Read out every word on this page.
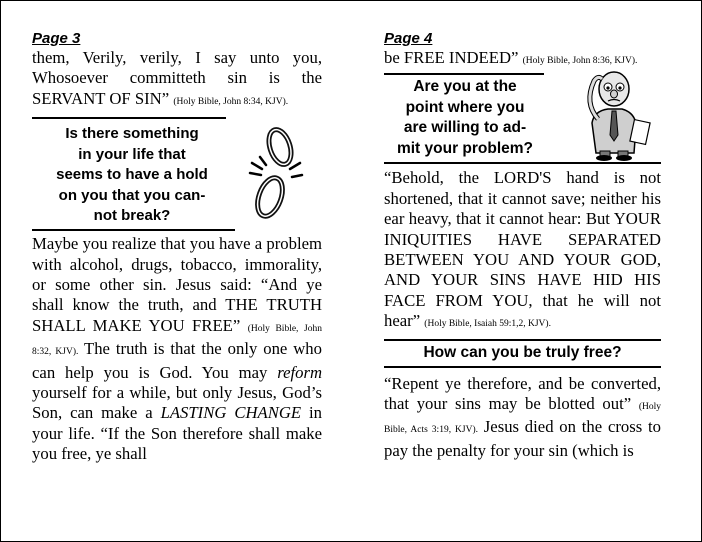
Page 3

them, Verily, verily, I say unto you, Whosoever committeth sin is the SERVANT OF SIN” (Holy Bible, John 8:34, KJV).

Is there something
in your life that
seems to have a hold
on you that you can-
not break?

Maybe you realize that you have a problem with alcohol, drugs, tobacco, immorality, or some other sin. Jesus said: “And ye shall know the truth, and THE TRUTH SHALL MAKE YOU FREE” (Holy Bible, John 8:32, KJV). The truth is that the only one who can help you is God. You may reform yourself for a while, but only Jesus, God’s Son, can make a LASTING CHANGE in your life. “If the Son therefore shall make you free, ye shall

Page 4

be FREE INDEED” (Holy Bible, John 8:36, KJV).

Are you at the
point where you
are willing to ad-
mit your problem?

“Behold, the LORD'S hand is not shortened, that it cannot save; neither his ear heavy, that it cannot hear: But YOUR INIQUITIES HAVE SEPARATED BETWEEN YOU AND YOUR GOD, AND YOUR SINS HAVE HID HIS FACE FROM YOU, that he will not hear” (Holy Bible, Isaiah 59:1,2, KJV).

How can you be truly free?

“Repent ye therefore, and be converted, that your sins may be blotted out” (Holy Bible, Acts 3:19, KJV). Jesus died on the cross to pay the penalty for your sin (which is
